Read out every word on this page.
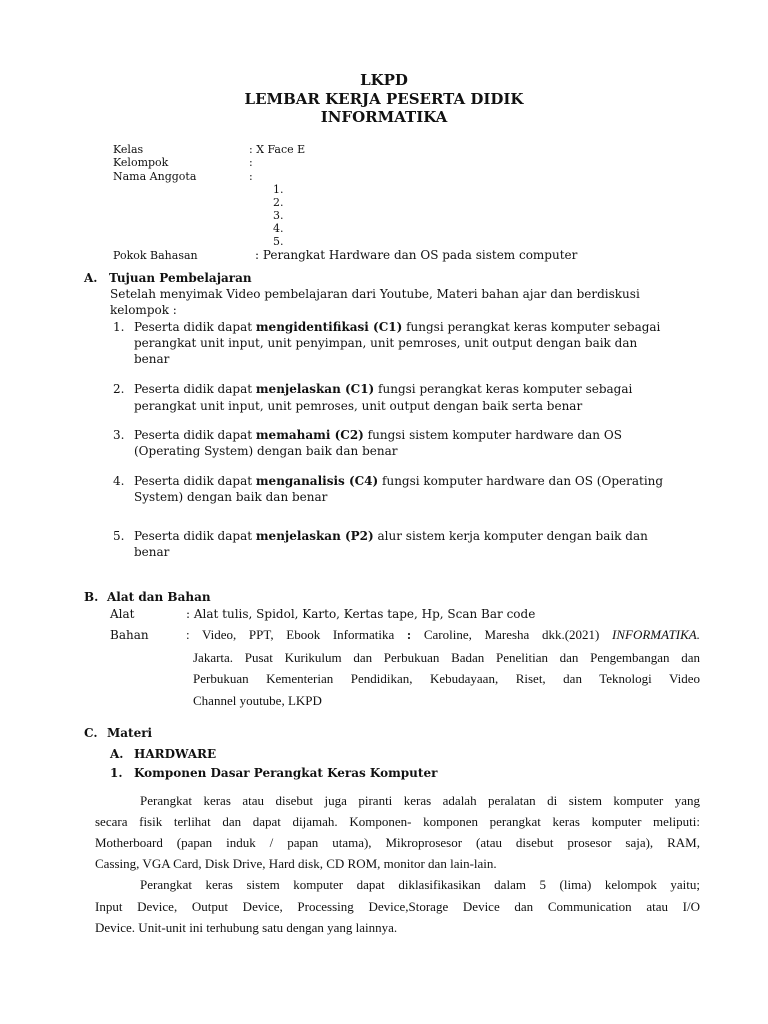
LKPD
LEMBAR KERJA PESERTA DIDIK
INFORMATIKA
Kelas	: X Face E
Kelompok	:
Nama Anggota	:
1.
2.
3.
4.
5.
Pokok Bahasan	: Perangkat Hardware dan OS pada sistem computer
A. Tujuan Pembelajaran
Setelah menyimak Video pembelajaran dari Youtube, Materi bahan ajar dan berdiskusi
kelompok :
1. Peserta didik dapat mengidentifikasi (C1) fungsi perangkat keras komputer sebagai
perangkat unit input, unit penyimpan, unit pemroses, unit output dengan baik dan
benar
2. Peserta didik dapat menjelaskan (C1) fungsi perangkat keras komputer sebagai
perangkat unit input, unit pemroses, unit output dengan baik serta benar
3. Peserta didik dapat memahami (C2) fungsi sistem komputer hardware dan OS
(Operating System) dengan baik dan benar
4. Peserta didik dapat menganalisis (C4) fungsi komputer hardware dan OS (Operating
System) dengan baik dan benar
5. Peserta didik dapat menjelaskan (P2) alur sistem kerja komputer dengan baik dan
benar
B. Alat dan Bahan
Alat	: Alat tulis, Spidol, Karto, Kertas tape, Hp, Scan Bar code
Bahan	: Video, PPT, Ebook Informatika : Caroline, Maresha dkk.(2021) INFORMATIKA.
Jakarta. Pusat Kurikulum dan Perbukuan Badan Penelitian dan Pengembangan dan
Perbukuan Kementerian Pendidikan, Kebudayaan, Riset, dan Teknologi Video
Channel youtube, LKPD
C. Materi
A. HARDWARE
1. Komponen Dasar Perangkat Keras Komputer
Perangkat keras atau disebut juga piranti keras adalah peralatan di sistem komputer yang
secara fisik terlihat dan dapat dijamah. Komponen- komponen perangkat keras komputer meliputi:
Motherboard (papan induk / papan utama), Mikroprosesor (atau disebut prosesor saja), RAM,
Cassing, VGA Card, Disk Drive, Hard disk, CD ROM, monitor dan lain-lain.
Perangkat keras sistem komputer dapat diklasifikasikan dalam 5 (lima) kelompok yaitu;
Input Device, Output Device, Processing Device,Storage Device dan Communication atau I/O
Device. Unit-unit ini terhubung satu dengan yang lainnya.
